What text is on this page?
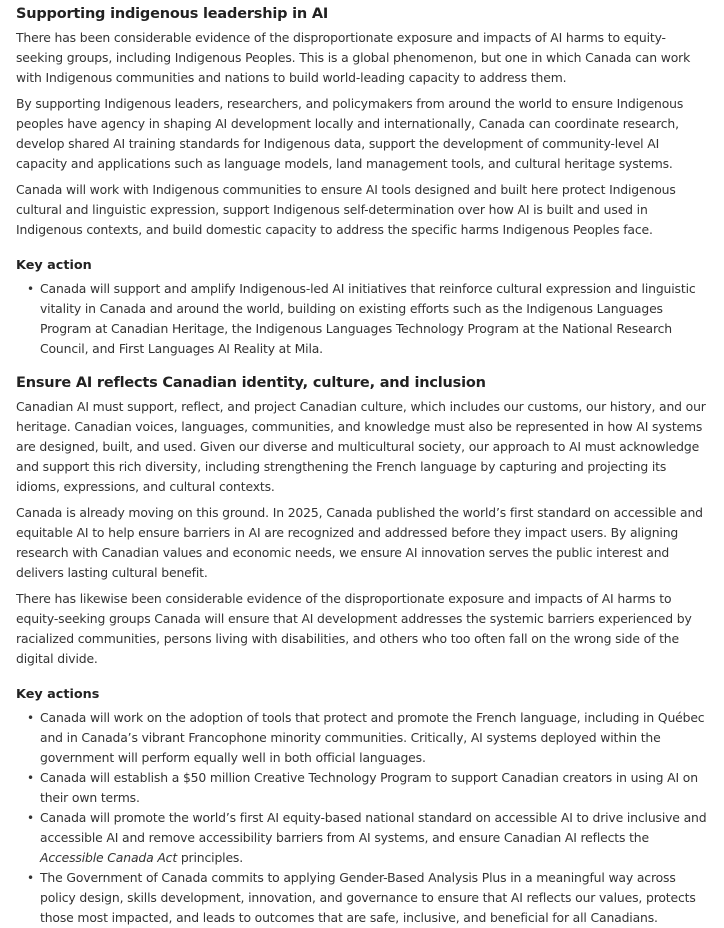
Supporting indigenous leadership in AI

There has been considerable evidence of the disproportionate exposure and impacts of AI harms to equity-seeking groups, including Indigenous Peoples. This is a global phenomenon, but one in which Canada can work with Indigenous communities and nations to build world-leading capacity to address them.

By supporting Indigenous leaders, researchers, and policymakers from around the world to ensure Indigenous peoples have agency in shaping AI development locally and internationally, Canada can coordinate research, develop shared AI training standards for Indigenous data, support the development of community-level AI capacity and applications such as language models, land management tools, and cultural heritage systems.

Canada will work with Indigenous communities to ensure AI tools designed and built here protect Indigenous cultural and linguistic expression, support Indigenous self-determination over how AI is built and used in Indigenous contexts, and build domestic capacity to address the specific harms Indigenous Peoples face.

Key action
• Canada will support and amplify Indigenous-led AI initiatives that reinforce cultural expression and linguistic vitality in Canada and around the world, building on existing efforts such as the Indigenous Languages Program at Canadian Heritage, the Indigenous Languages Technology Program at the National Research Council, and First Languages AI Reality at Mila.
Ensure AI reflects Canadian identity, culture, and inclusion

Canadian AI must support, reflect, and project Canadian culture, which includes our customs, our history, and our heritage. Canadian voices, languages, communities, and knowledge must also be represented in how AI systems are designed, built, and used. Given our diverse and multicultural society, our approach to AI must acknowledge and support this rich diversity, including strengthening the French language by capturing and projecting its idioms, expressions, and cultural contexts.

Canada is already moving on this ground. In 2025, Canada published the world’s first standard on accessible and equitable AI to help ensure barriers in AI are recognized and addressed before they impact users. By aligning research with Canadian values and economic needs, we ensure AI innovation serves the public interest and delivers lasting cultural benefit.

There has likewise been considerable evidence of the disproportionate exposure and impacts of AI harms to equity-seeking groups Canada will ensure that AI development addresses the systemic barriers experienced by racialized communities, persons living with disabilities, and others who too often fall on the wrong side of the digital divide.

Key actions
• Canada will work on the adoption of tools that protect and promote the French language, including in Québec and in Canada’s vibrant Francophone minority communities. Critically, AI systems deployed within the government will perform equally well in both official languages.
• Canada will establish a $50 million Creative Technology Program to support Canadian creators in using AI on their own terms.
• Canada will promote the world’s first AI equity-based national standard on accessible AI to drive inclusive and accessible AI and remove accessibility barriers from AI systems, and ensure Canadian AI reflects the Accessible Canada Act principles.
• The Government of Canada commits to applying Gender-Based Analysis Plus in a meaningful way across policy design, skills development, innovation, and governance to ensure that AI reflects our values, protects those most impacted, and leads to outcomes that are safe, inclusive, and beneficial for all Canadians.
